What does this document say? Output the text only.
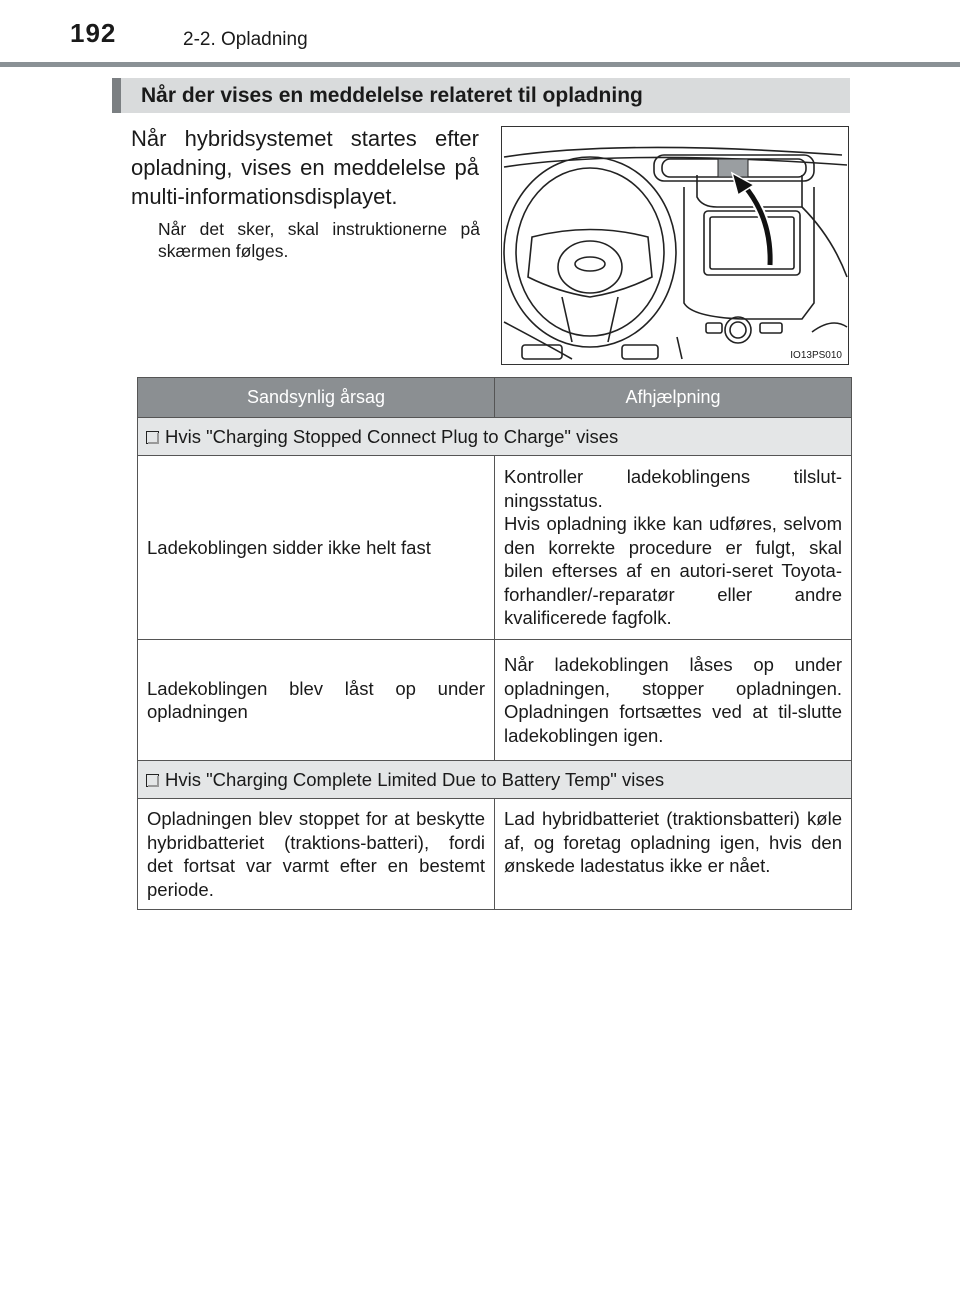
192	2-2. Opladning
Når der vises en meddelelse relateret til opladning
Når hybridsystemet startes efter opladning, vises en meddelelse på multi-informationsdisplayet.
Når det sker, skal instruktionerne på skærmen følges.
IO13PS010
Sandsynlig årsag	Afhjælpning
Hvis "Charging Stopped Connect Plug to Charge" vises	
Ladekoblingen sidder ikke helt fast	Kontroller ladekoblingens tilslut-
ningsstatus.
Hvis opladning ikke kan udføres, selvom den korrekte procedure er fulgt, skal bilen efterses af en autori-seret Toyota-forhandler/-reparatør eller andre kvalificerede fagfolk.

Ladekoblingen blev låst op under opladningen	Når ladekoblingen låses op under opladningen, stopper opladningen. Opladningen fortsættes ved at til-slutte ladekoblingen igen.
Hvis "Charging Complete Limited Due to Battery Temp" vises	
Opladningen blev stoppet for at beskytte hybridbatteriet (traktions-batteri), fordi det fortsat var varmt efter en bestemt periode.	Lad hybridbatteriet (traktionsbatteri) køle af, og foretag opladning igen, hvis den ønskede ladestatus ikke er nået.
